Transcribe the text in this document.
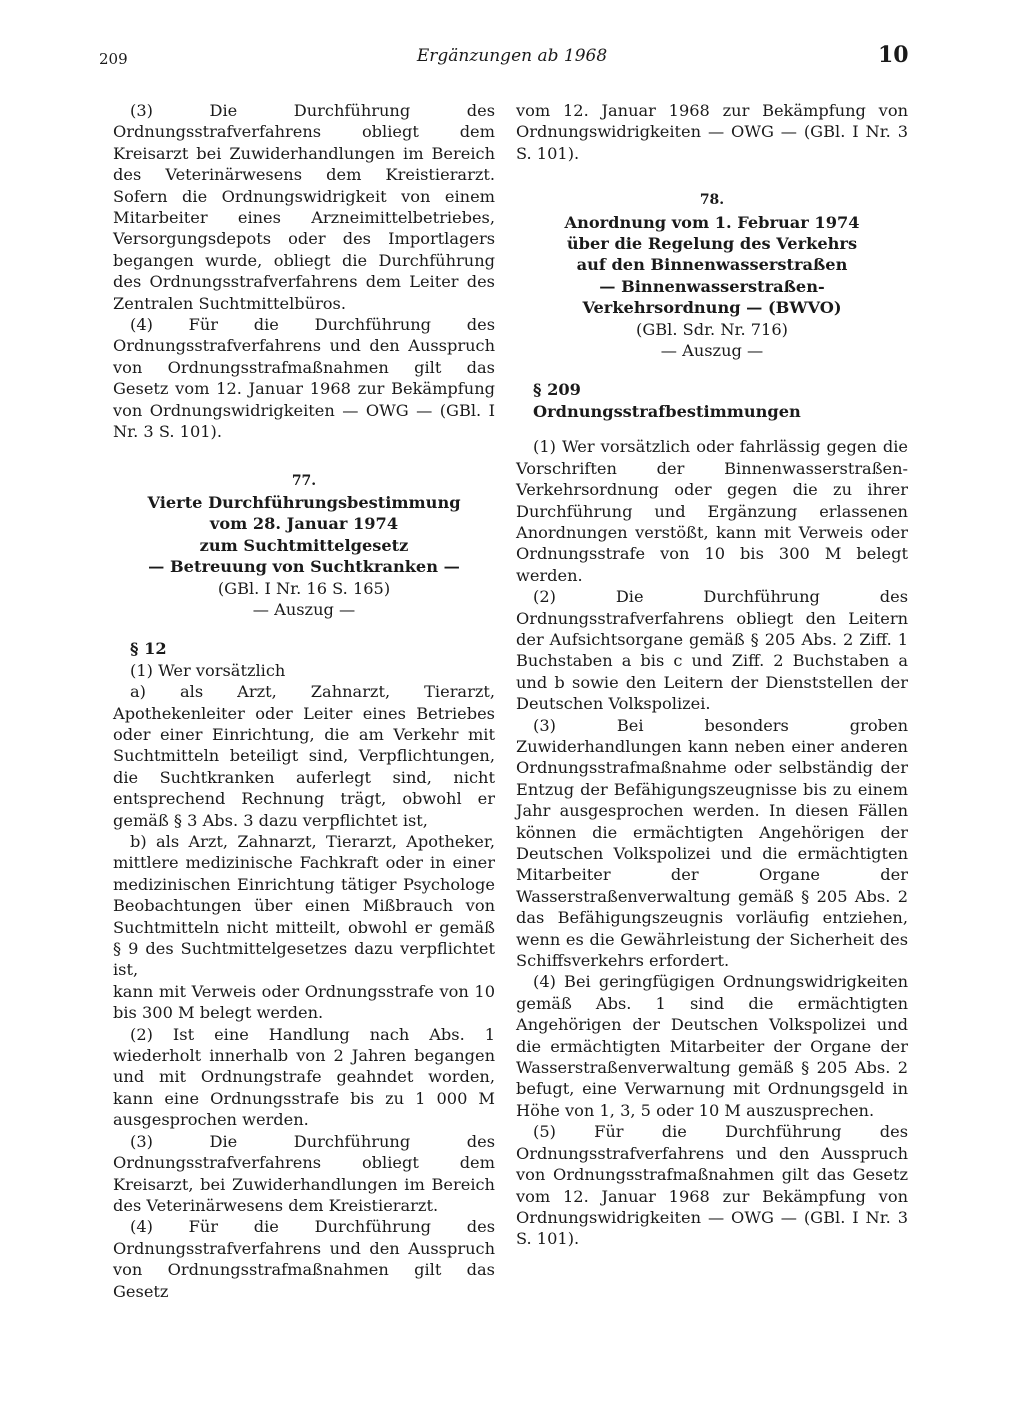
209	Ergänzungen ab 1968	10

(3) Die Durchführung des Ordnungsstrafverfahrens obliegt dem Kreisarzt bei Zuwiderhandlungen im Bereich des Veterinärwesens dem Kreistierarzt. Sofern die Ordnungswidrigkeit von einem Mitarbeiter eines Arzneimittelbetriebes, Versorgungsdepots oder des Importlagers begangen wurde, obliegt die Durchführung des Ordnungsstrafverfahrens dem Leiter des Zentralen Suchtmittelbüros.

(4) Für die Durchführung des Ordnungsstrafverfahrens und den Ausspruch von Ordnungsstrafmaßnahmen gilt das Gesetz vom 12. Januar 1968 zur Bekämpfung von Ordnungswidrigkeiten — OWG — (GBl. I Nr. 3 S. 101).

77.
Vierte Durchführungsbestimmung
vom 28. Januar 1974
zum Suchtmittelgesetz
— Betreuung von Suchtkranken —
(GBl. I Nr. 16 S. 165)
— Auszug —

§ 12

(1) Wer vorsätzlich

a) als Arzt, Zahnarzt, Tierarzt, Apothekenleiter oder Leiter eines Betriebes oder einer Einrichtung, die am Verkehr mit Suchtmitteln beteiligt sind, Verpflichtungen, die Suchtkranken auferlegt sind, nicht entsprechend Rechnung trägt, obwohl er gemäß § 3 Abs. 3 dazu verpflichtet ist,

b) als Arzt, Zahnarzt, Tierarzt, Apotheker, mittlere medizinische Fachkraft oder in einer medizinischen Einrichtung tätiger Psychologe Beobachtungen über einen Mißbrauch von Suchtmitteln nicht mitteilt, obwohl er gemäß § 9 des Suchtmittelgesetzes dazu verpflichtet ist,

kann mit Verweis oder Ordnungsstrafe von 10 bis 300 M belegt werden.

(2) Ist eine Handlung nach Abs. 1 wiederholt innerhalb von 2 Jahren begangen und mit Ordnungstrafe geahndet worden, kann eine Ordnungsstrafe bis zu 1 000 M ausgesprochen werden.

(3) Die Durchführung des Ordnungsstrafverfahrens obliegt dem Kreisarzt, bei Zuwiderhandlungen im Bereich des Veterinärwesens dem Kreistierarzt.

(4) Für die Durchführung des Ordnungsstrafverfahrens und den Ausspruch von Ordnungsstrafmaßnahmen gilt das Gesetz

vom 12. Januar 1968 zur Bekämpfung von Ordnungswidrigkeiten — OWG — (GBl. I Nr. 3 S. 101).

78.
Anordnung vom 1. Februar 1974
über die Regelung des Verkehrs
auf den Binnenwasserstraßen
— Binnenwasserstraßen-
Verkehrsordnung — (BWVO)
(GBl. Sdr. Nr. 716)
— Auszug —

§ 209

Ordnungsstrafbestimmungen

(1) Wer vorsätzlich oder fahrlässig gegen die Vorschriften der Binnenwasserstraßen-Verkehrsordnung oder gegen die zu ihrer Durchführung und Ergänzung erlassenen Anordnungen verstößt, kann mit Verweis oder Ordnungsstrafe von 10 bis 300 M belegt werden.

(2) Die Durchführung des Ordnungsstrafverfahrens obliegt den Leitern der Aufsichtsorgane gemäß § 205 Abs. 2 Ziff. 1 Buchstaben a bis c und Ziff. 2 Buchstaben a und b sowie den Leitern der Dienststellen der Deutschen Volkspolizei.

(3) Bei besonders groben Zuwiderhandlungen kann neben einer anderen Ordnungsstrafmaßnahme oder selbständig der Entzug der Befähigungszeugnisse bis zu einem Jahr ausgesprochen werden. In diesen Fällen können die ermächtigten Angehörigen der Deutschen Volkspolizei und die ermächtigten Mitarbeiter der Organe der Wasserstraßenverwaltung gemäß § 205 Abs. 2 das Befähigungszeugnis vorläufig entziehen, wenn es die Gewährleistung der Sicherheit des Schiffsverkehrs erfordert.

(4) Bei geringfügigen Ordnungswidrigkeiten gemäß Abs. 1 sind die ermächtigten Angehörigen der Deutschen Volkspolizei und die ermächtigten Mitarbeiter der Organe der Wasserstraßenverwaltung gemäß § 205 Abs. 2 befugt, eine Verwarnung mit Ordnungsgeld in Höhe von 1, 3, 5 oder 10 M auszusprechen.

(5) Für die Durchführung des Ordnungsstrafverfahrens und den Ausspruch von Ordnungsstrafmaßnahmen gilt das Gesetz vom 12. Januar 1968 zur Bekämpfung von Ordnungswidrigkeiten — OWG — (GBl. I Nr. 3 S. 101).
